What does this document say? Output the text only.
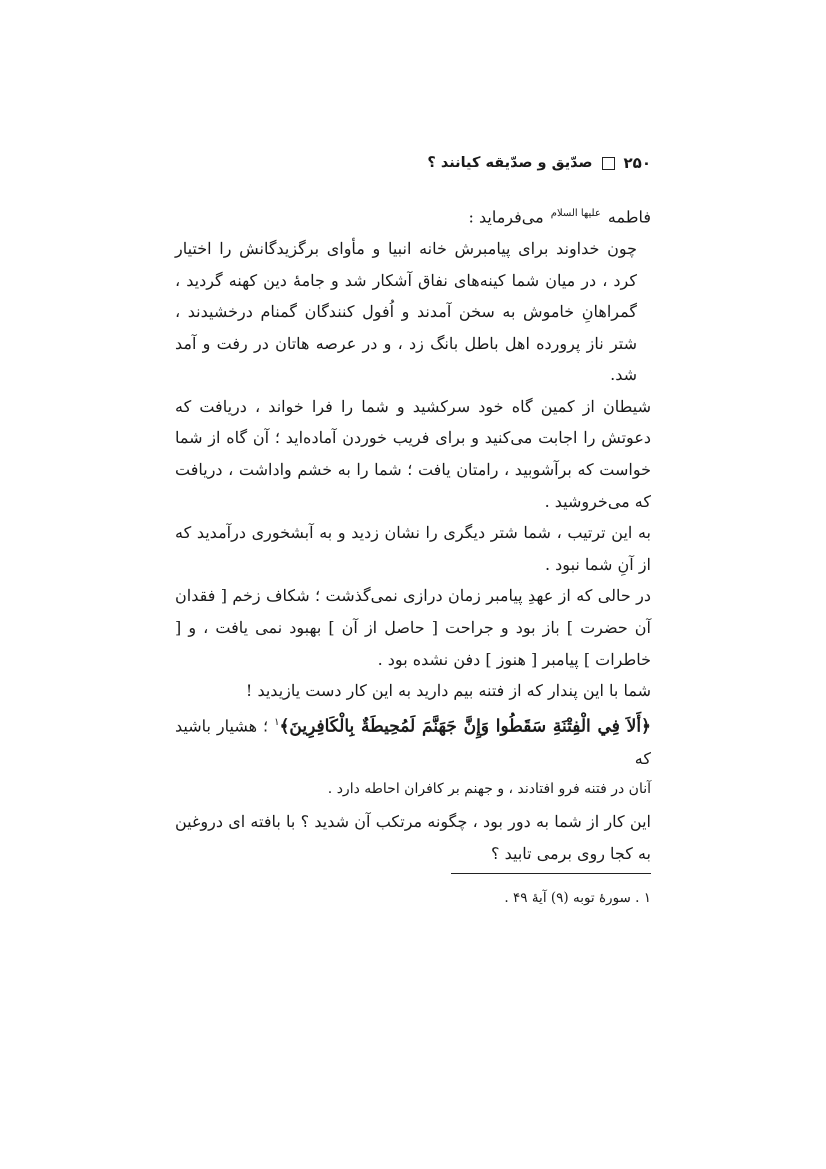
۲۵۰
صدّیق و صدّیقه کیانند ؟

فاطمه $^{علیها السلام}$ می‌فرماید :

چون خداوند برای پیامبرش خانه انبیا و مأوای برگزیدگانش را اختیار کرد ، در میان شما کینه‌های نفاق آشکار شد و جامهٔ دین کهنه گردید ، گمراهانِ خاموش به سخن آمدند و اُفول کنندگان گمنام درخشیدند ، شتر ناز پرورده اهل باطل بانگ زد ، و در عرصه هاتان در رفت و آمد شد.

شیطان از کمین گاه خود سرکشید و شما را فرا خواند ، دریافت که دعوتش را اجابت می‌کنید و برای فریب خوردن آماده‌اید ؛ آن گاه از شما خواست که برآشوبید ، رامتان یافت ؛ شما را به خشم واداشت ، دریافت که می‌خروشید .

به این ترتیب ، شما شتر دیگری را نشان زدید و به آبشخوری درآمدید که از آنِ شما نبود .

در حالی که از عهدِ پیامبر زمان درازی نمی‌گذشت ؛ شکاف زخم [ فقدان آن حضرت ] باز بود و جراحت [ حاصل از آن ] بهبود نمی یافت ، و [ خاطرات ] پیامبر [ هنوز ] دفن نشده بود .

شما با این پندار که از فتنه بیم دارید به این کار دست یازیدید !

﴿أَلاَ فِي الْفِتْنَةِ سَقَطُوا وَإِنَّ جَهَنَّمَ لَمُحِيطَةٌ بِالْكَافِرِينَ﴾$^۱$ ؛ هشیار باشید که

آنان در فتنه فرو افتادند ، و جهنم بر کافران احاطه دارد .

این کار از شما به دور بود ، چگونه مرتکب آن شدید ؟ با بافته ای دروغین به کجا روی برمی تابید ؟

۱ . سورهٔ توبه (۹) آیهٔ ۴۹ .
